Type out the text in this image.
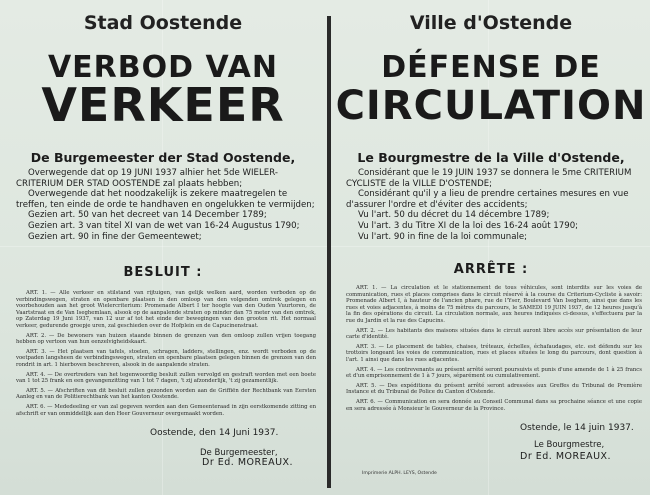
Stad Oostende
VERBOD VAN
VERKEER
De Burgemeester der Stad Oostende,

Overwegende dat op 19 JUNI 1937 alhier het 5de WIELER-CRITERIUM DER STAD OOSTENDE zal plaats hebben;

Overwegende dat het noodzakelijk is zekere maatregelen te treffen, ten einde de orde te handhaven en ongelukken te vermijden;

Gezien art. 50 van het decreet van 14 December 1789;

Gezien art. 3 van titel XI van de wet van 16-24 Augustus 1790;

Gezien art. 90 in fine der Gemeentewet;

BESLUIT :

ART. 1. — Alle verkeer en stilstand van rijtuigen, van gelijk welken aard, worden verboden op de verbindingswegen, straten en openbare plaatsen in den omloop van den volgenden omtrek gelegen en voorbehouden aan het groot Wielercriterium: Promenade Albert I ter hoogte van den Ouden Vuurtoren, de Vaartstraat en de Van Iseghemlaan, alsook op de aanpalende straten op minder dan 75 meter van den omtrek, op Zaterdag 19 Juni 1937, van 12 uur af tot het einde der bewegingen van den grooten rit. Het normaal verkeer, gedurende groepje uren, zal geschieden over de Hofplein en de Capucinenstraat.

ART. 2. — De bewoners van huizen staande binnen de grenzen van den omloop zullen vrijen toegang hebben op vertoon van hun eenzelvigheidskaart.

ART. 3. — Het plaatsen van tafels, stoelen, schragen, ladders, stellingen, enz. wordt verboden op de voetpaden langsheen de verbindingswegen, straten en openbare plaatsen gelegen binnen de grenzen van den rondrit in art. 1 hierboven beschreven, alsook in de aanpalende straten.

ART. 4. — De overtreders van het tegenwoordig besluit zullen vervolgd en gestraft worden met een boete van 1 tot 25 frank en een gevangenzitting van 1 tot 7 dagen, 't zij afzonderlijk, 't zij gezamentlijk.

ART. 5. — Afschriften van dit besluit zullen gezonden worden aan de Griffiën der Rechtbank van Eersten Aanleg en van de Politierechtbank van het kanton Oostende.

ART. 6. — Mededeeling er van zal gegeven worden aan den Gemeenteraad in zijn eerstkomende zitting en afschrift er van onmiddellijk aan den Heer Gouverneur overgemaakt worden.

Oostende, den 14 Juni 1937.
De Burgemeester,
Dr Ed. MOREAUX.
Ville d'Ostende
DÉFENSE DE
CIRCULATION
Le Bourgmestre de la Ville d'Ostende,

Considérant que le 19 JUIN 1937 se donnera le 5me CRITERIUM CYCLISTE de la VILLE D'OSTENDE;

Considérant qu'il y a lieu de prendre certaines mesures en vue d'assurer l'ordre et d'éviter des accidents;

Vu l'art. 50 du décret du 14 décembre 1789;

Vu l'art. 3 du Titre XI de la loi des 16-24 août 1790;

Vu l'art. 90 in fine de la loi communale;

ARRÊTE :

ART. 1. — La circulation et le stationnement de tous véhicules, sont interdits sur les voies de communication, rues et places comprises dans le circuit réservé à la course du Criterium-Cycliste à savoir: Promenade Albert I, à hauteur de l'ancien phare, rue de l'Yser, Boulevard Van Iseghem, ainsi que dans les rues et voies adjacentes, à moins de 75 mètres du parcours, le SAMEDI 19 JUIN 1937, de 12 heures jusqu'à la fin des opérations du circuit. La circulation normale, aux heures indiquées ci-dessus, s'effectuera par la rue du Jardin et la rue des Capucins.

ART. 2. — Les habitants des maisons situées dans le circuit auront libre accès sur présentation de leur carte d'identité.

ART. 3. — Le placement de tables, chaises, tréteaux, échelles, échafaudages, etc. est défendu sur les trottoirs longeant les voies de communication, rues et places situées le long du parcours, dont question à l'art. 1 ainsi que dans les rues adjacentes.

ART. 4. — Les contrevenants au présent arrêté seront poursuivis et punis d'une amende de 1 à 25 francs et d'un emprisonnement de 1 à 7 jours, séparément ou cumulativement.

ART. 5. — Des expéditions du présent arrêté seront adressées aux Greffes du Tribunal de Première Instance et du Tribunal de Police du Canton d'Ostende.

ART. 6. — Communication en sera donnée au Conseil Communal dans sa prochaine séance et une copie en sera adressée à Monsieur le Gouverneur de la Province.

Ostende, le 14 juin 1937.
Le Bourgmestre,
Dr Ed. MOREAUX.
Imprimerie ALPH. LEYS, Ostende
